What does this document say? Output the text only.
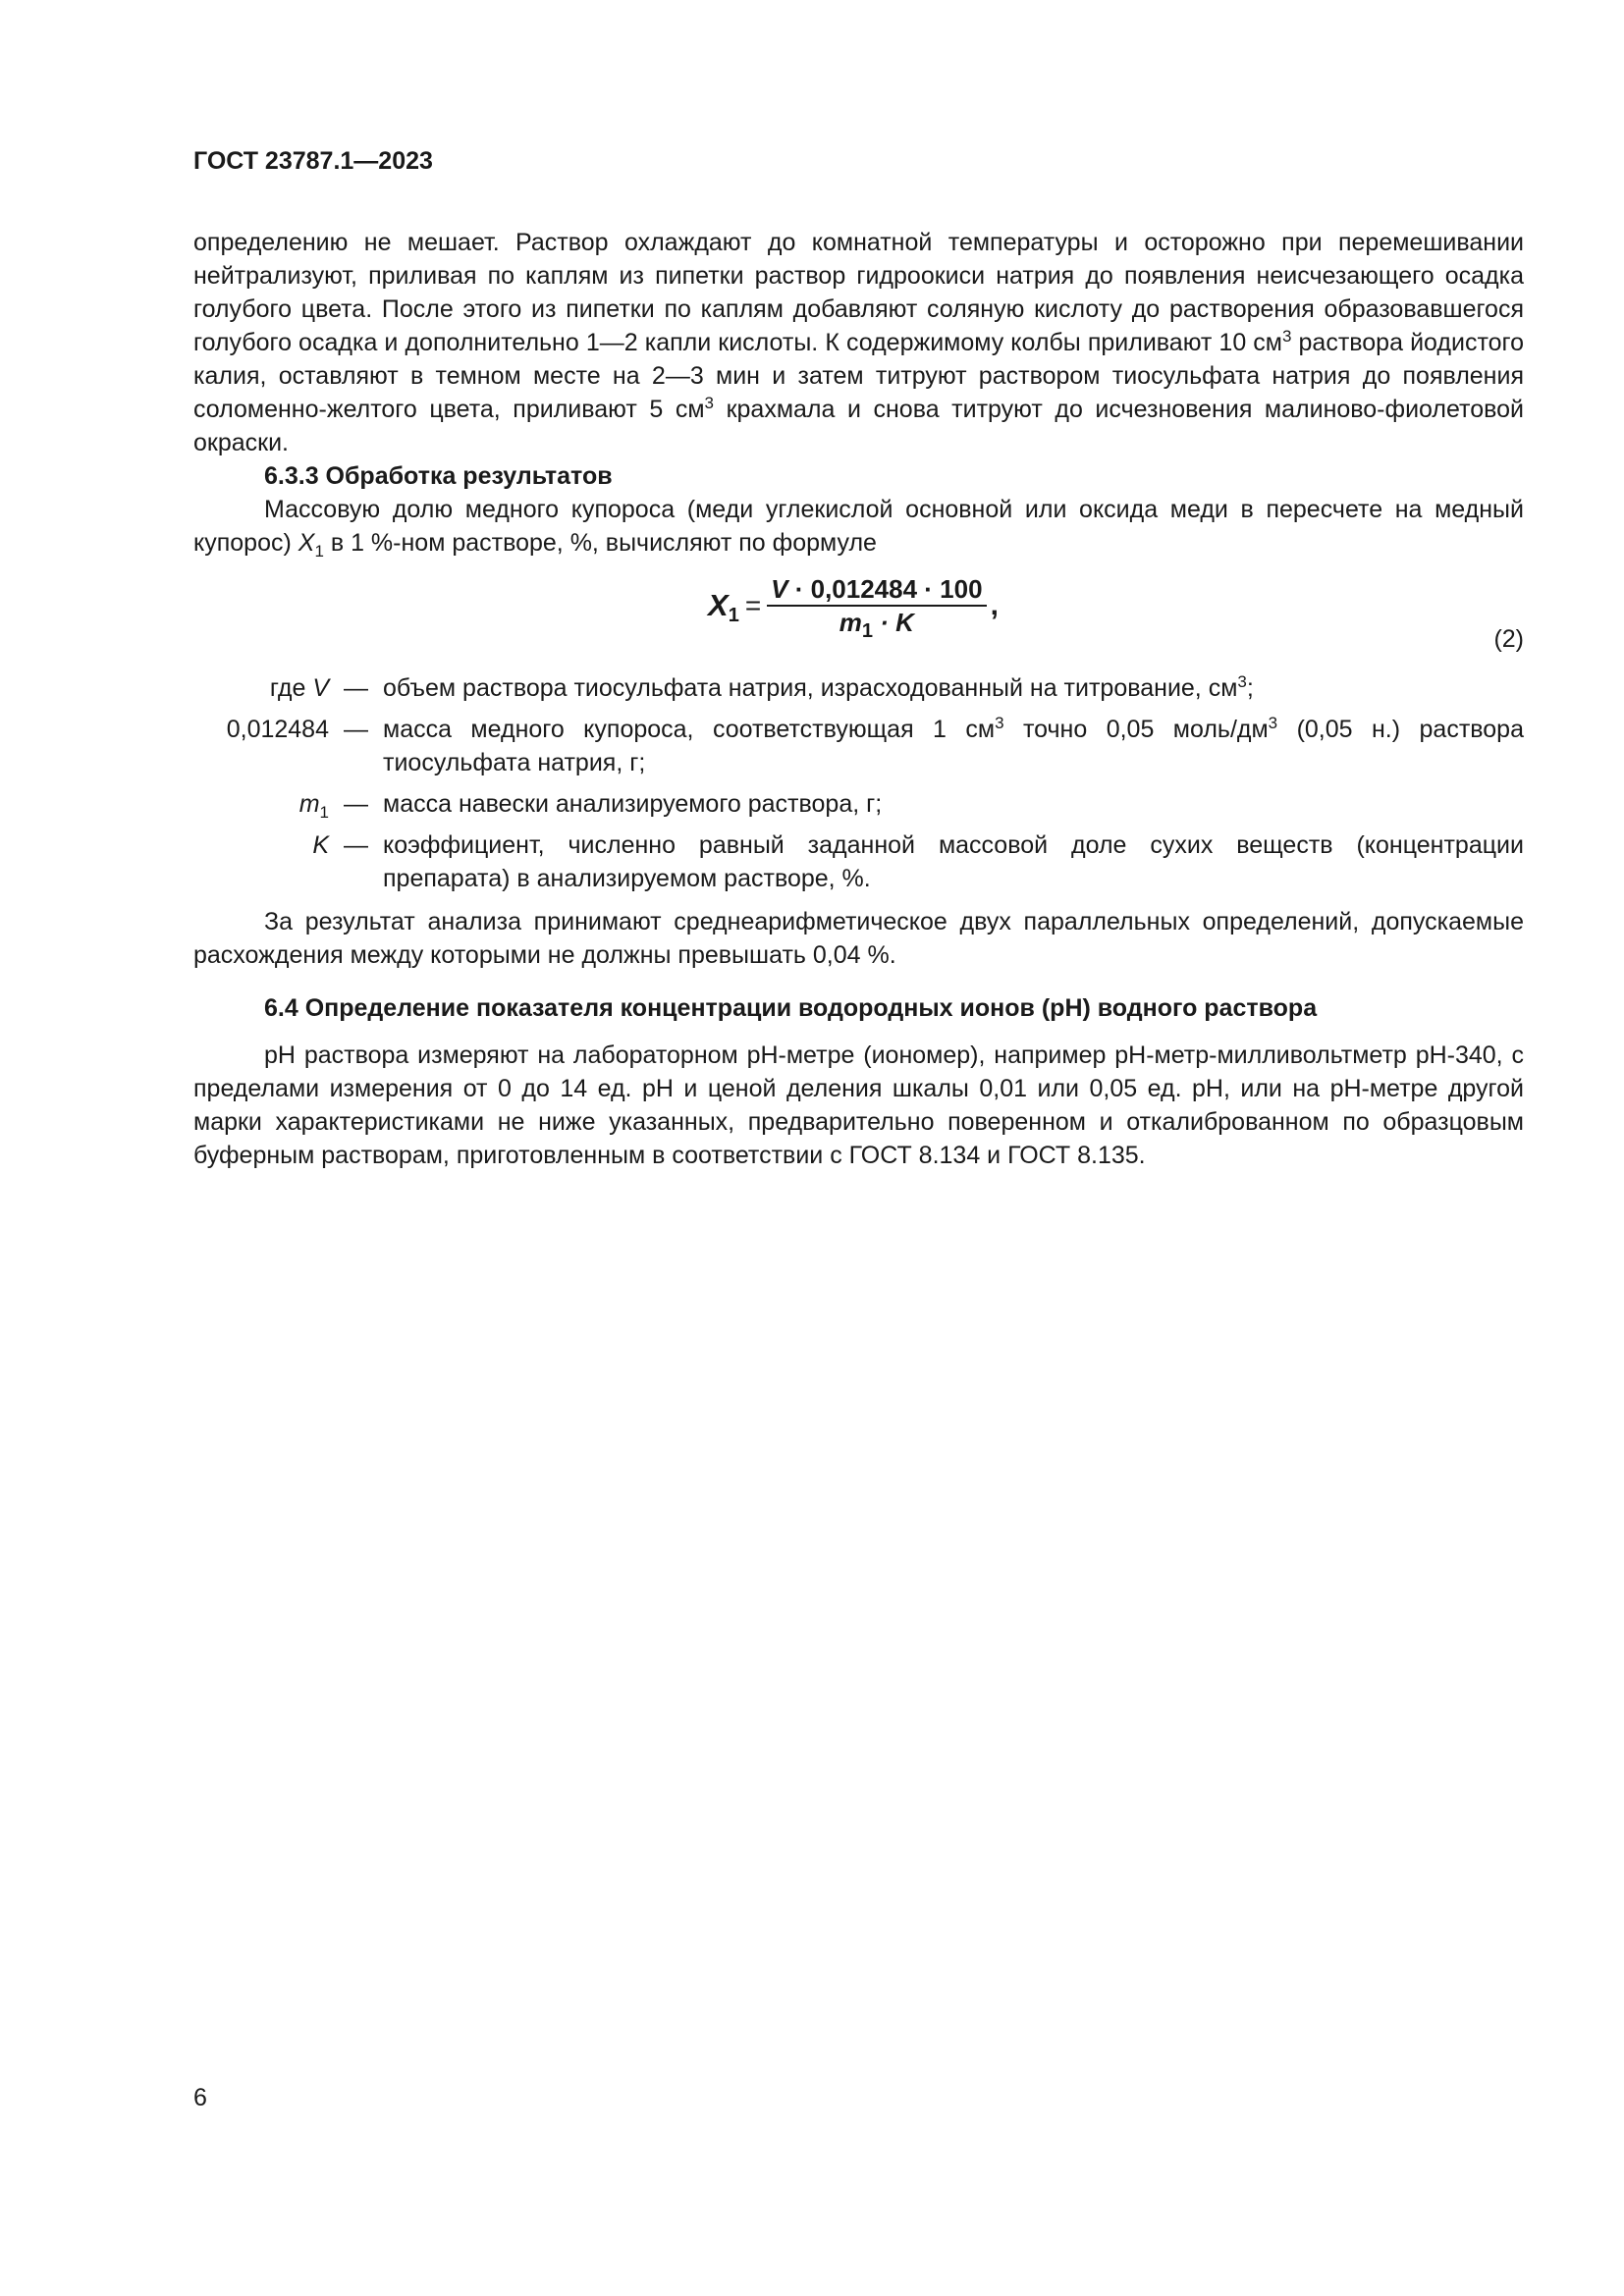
ГОСТ 23787.1—2023

определению не мешает. Раствор охлаждают до комнатной температуры и осторожно при перемешивании нейтрализуют, приливая по каплям из пипетки раствор гидроокиси натрия до появления неисчезающего осадка голубого цвета. После этого из пипетки по каплям добавляют соляную кислоту до растворения образовавшегося голубого осадка и дополнительно 1—2 капли кислоты. К содержимому колбы приливают 10 $см^3$ раствора йодистого калия, оставляют в темном месте на 2—3 мин и затем титруют раствором тиосульфата натрия до появления соломенно-желтого цвета, приливают 5 $см^3$ крахмала и снова титруют до исчезновения малиново-фиолетовой окраски.

6.3.3 Обработка результатов

Массовую долю медного купороса (меди углекислой основной или оксида меди в пересчете на медный купорос) $X_1$ в 1 %-ном растворе, %, вычисляют по формуле

$X_1 = \frac{V \cdot 0,012484 \cdot 100}{m_1 \cdot K}$ ,
(2)
где V — объем раствора тиосульфата натрия, израсходованный на титрование, $см^3$;
0,012484 — масса медного купороса, соответствующая 1 $см^3$ точно 0,05 моль/$дм^3$ (0,05 н.) раствора тиосульфата натрия, г;
$m_1$ — масса навески анализируемого раствора, г;
K — коэффициент, численно равный заданной массовой доле сухих веществ (концентрации препарата) в анализируемом растворе, %.

За результат анализа принимают среднеарифметическое двух параллельных определений, допускаемые расхождения между которыми не должны превышать 0,04 %.

6.4 Определение показателя концентрации водородных ионов (рН) водного раствора

рН раствора измеряют на лабораторном рН-метре (иономер), например рН-метр-милливольтметр рН-340, с пределами измерения от 0 до 14 ед. рН и ценой деления шкалы 0,01 или 0,05 ед. рН, или на рН-метре другой марки характеристиками не ниже указанных, предварительно поверенном и откалиброванном по образцовым буферным растворам, приготовленным в соответствии с ГОСТ 8.134 и ГОСТ 8.135.

6
